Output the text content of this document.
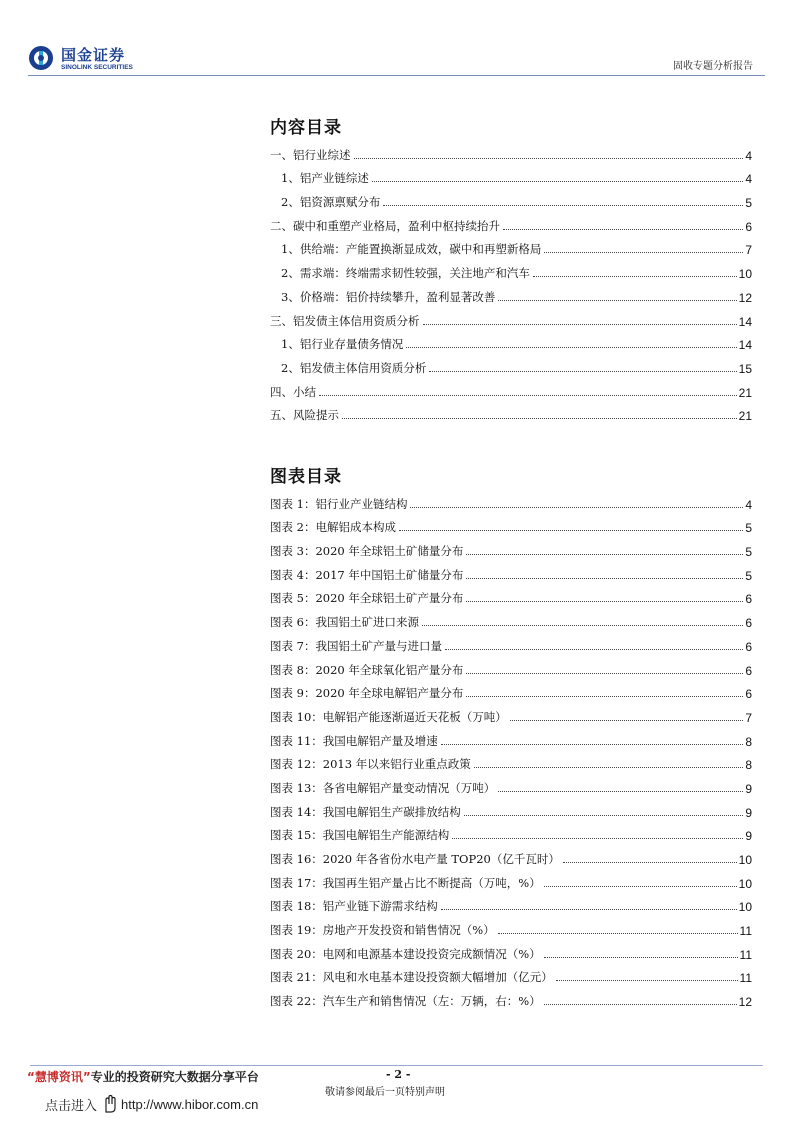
国金证券
SINOLINK SECURITIES	固收专题分析报告
内容目录
一、铝行业综述	4
1、铝产业链综述	4
2、铝资源禀赋分布	5
二、碳中和重塑产业格局，盈利中枢持续抬升	6
1、供给端：产能置换渐显成效，碳中和再塑新格局	7
2、需求端：终端需求韧性较强，关注地产和汽车	10
3、价格端：铝价持续攀升，盈利显著改善	12
三、铝发债主体信用资质分析	14
1、铝行业存量债务情况	14
2、铝发债主体信用资质分析	15
四、小结	21
五、风险提示	21
图表目录
图表 1：铝行业产业链结构	4
图表 2：电解铝成本构成	5
图表 3：2020 年全球铝土矿储量分布	5
图表 4：2017 年中国铝土矿储量分布	5
图表 5：2020 年全球铝土矿产量分布	6
图表 6：我国铝土矿进口来源	6
图表 7：我国铝土矿产量与进口量	6
图表 8：2020 年全球氧化铝产量分布	6
图表 9：2020 年全球电解铝产量分布	6
图表 10：电解铝产能逐渐逼近天花板（万吨）	7
图表 11：我国电解铝产量及增速	8
图表 12：2013 年以来铝行业重点政策	8
图表 13：各省电解铝产量变动情况（万吨）	9
图表 14：我国电解铝生产碳排放结构	9
图表 15：我国电解铝生产能源结构	9
图表 16：2020 年各省份水电产量 TOP20（亿千瓦时）	10
图表 17：我国再生铝产量占比不断提高（万吨，%）	10
图表 18：铝产业链下游需求结构	10
图表 19：房地产开发投资和销售情况（%）	11
图表 20：电网和电源基本建设投资完成额情况（%）	11
图表 21：风电和水电基本建设投资额大幅增加（亿元）	11
图表 22：汽车生产和销售情况（左：万辆，右：%）	12
“慧博资讯”专业的投资研究大数据分享平台	- 2 -
敬请参阅最后一页特别声明
点击进入 http://www.hibor.com.cn
